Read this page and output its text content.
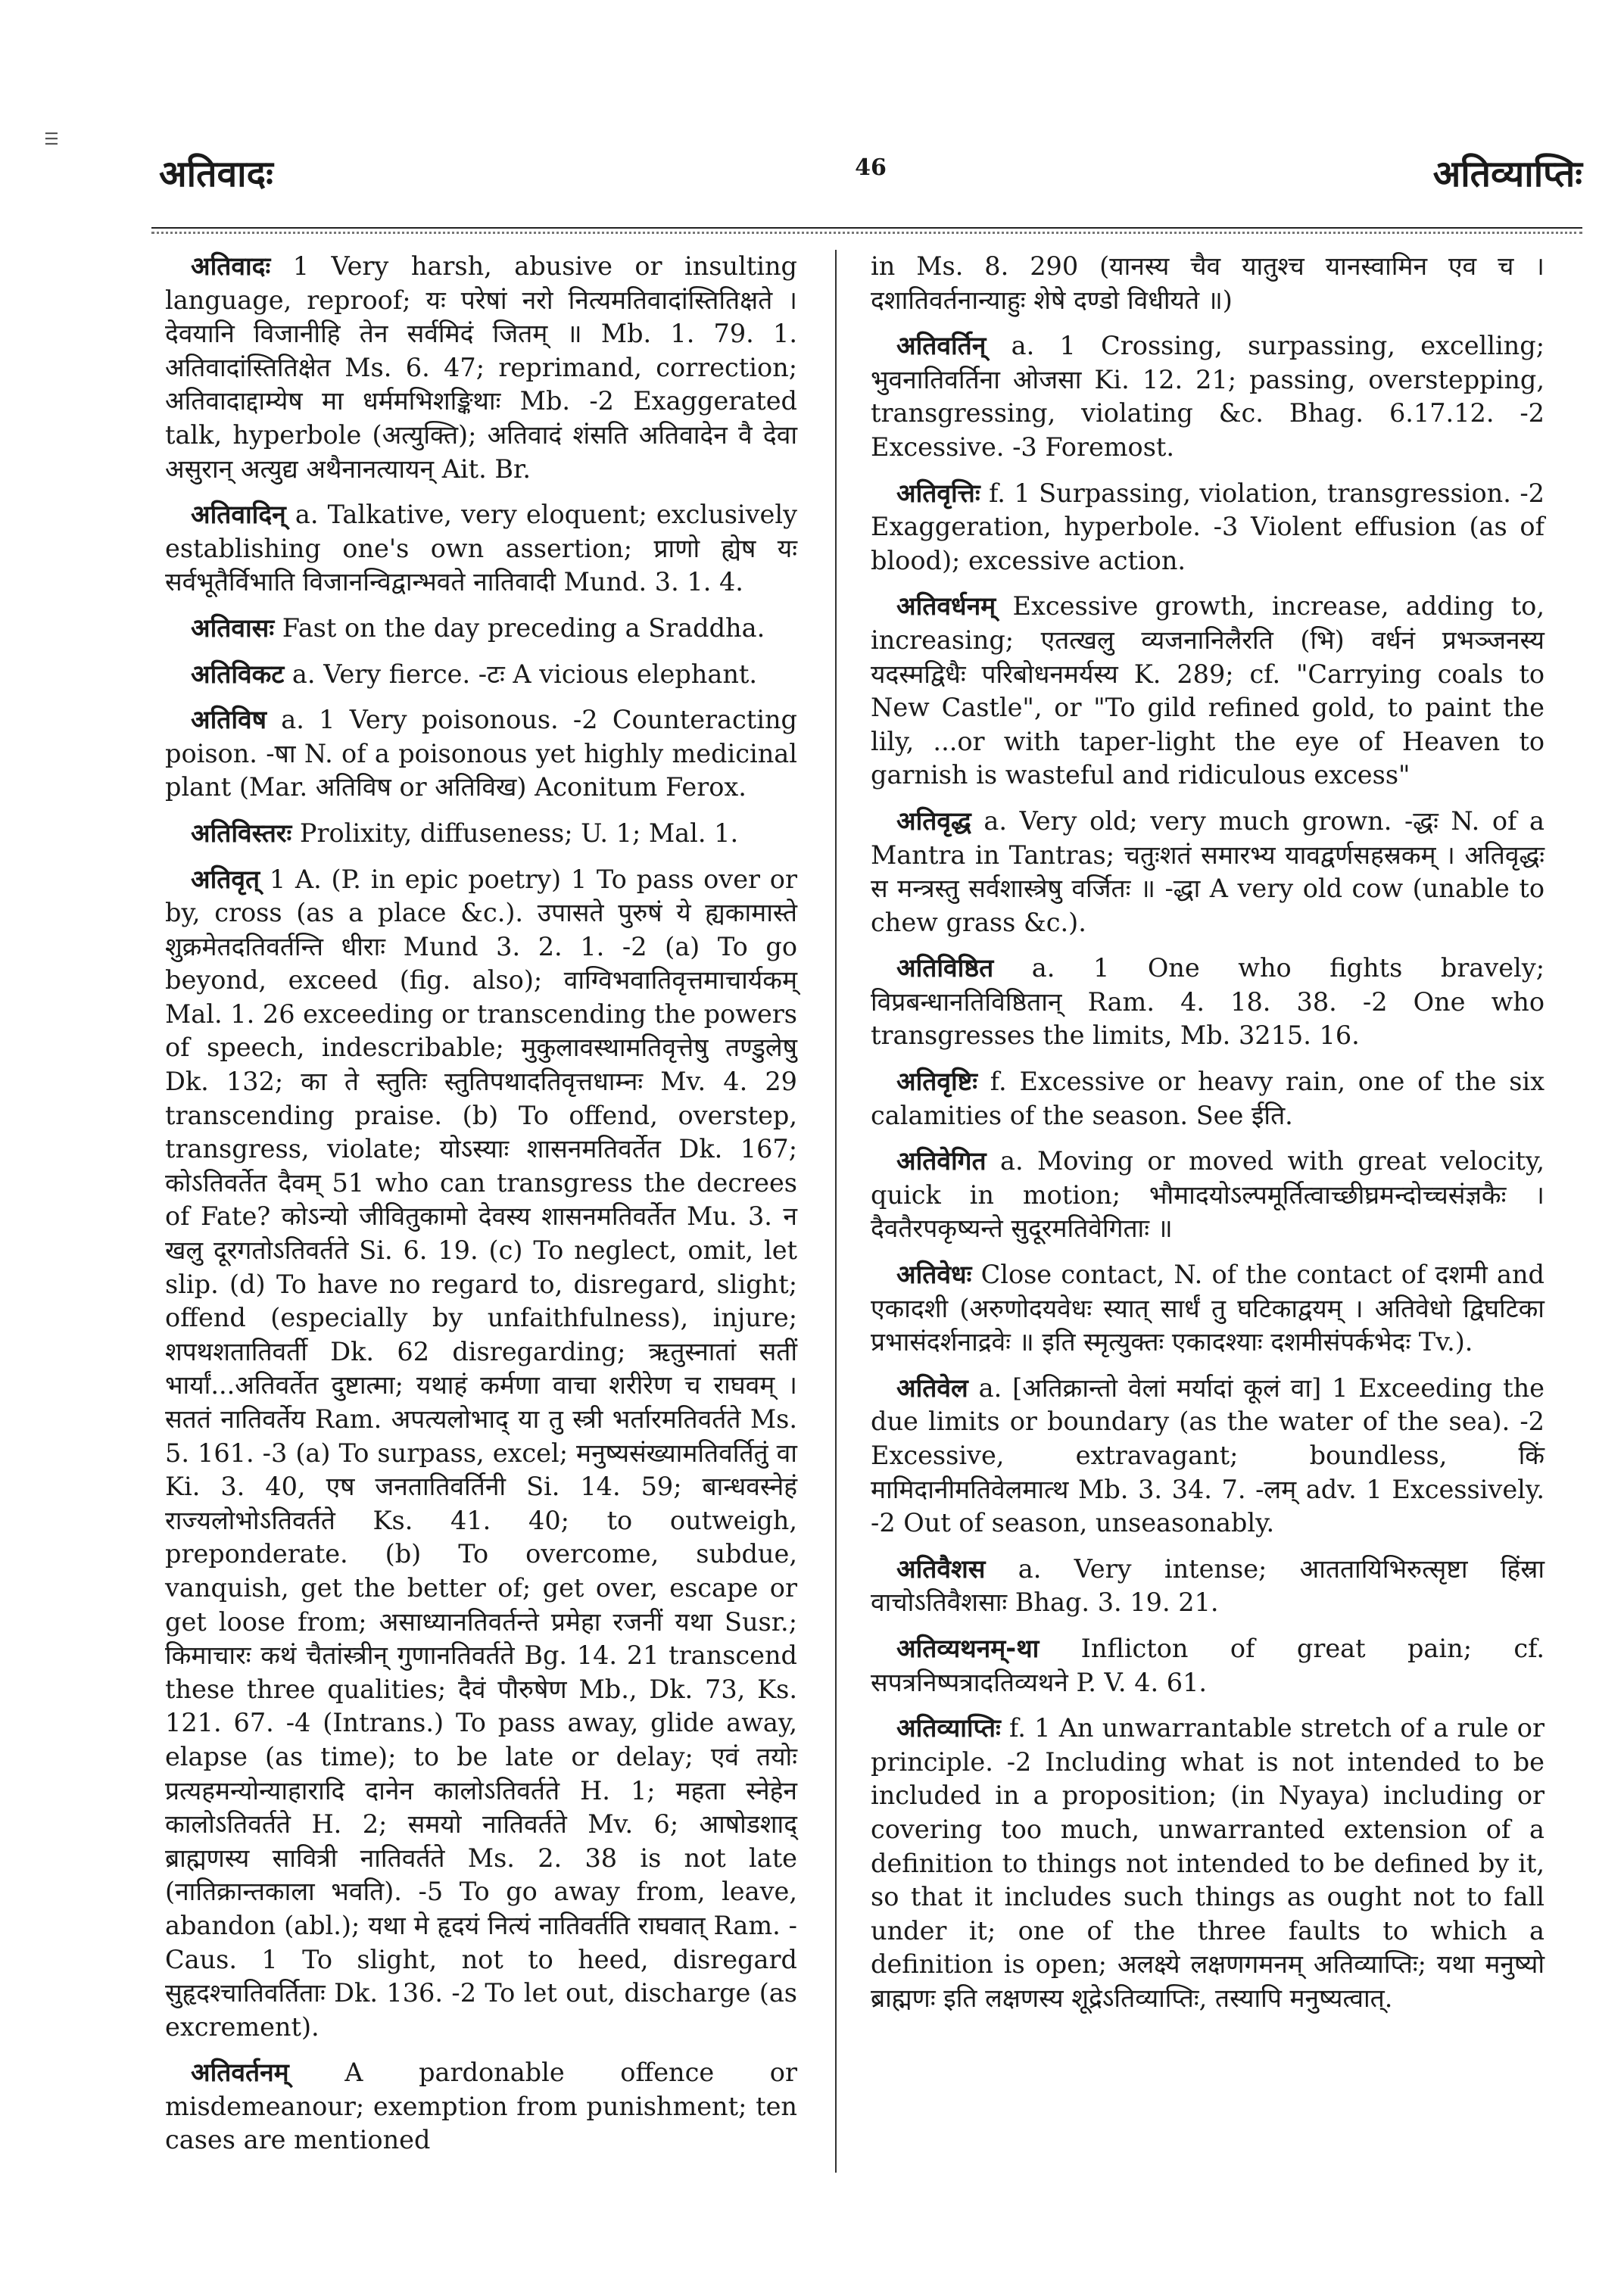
☰
अतिवादः	46	अतिव्याप्तिः

अतिवादः 1 Very harsh, abusive or insulting language, reproof; यः परेषां नरो नित्यमतिवादांस्तितिक्षते । देवयानि विजानीहि तेन सर्वमिदं जितम् ॥ Mb. 1. 79. 1. अतिवादांस्तितिक्षेत Ms. 6. 47; reprimand, correction; अतिवादाद्दाम्येष मा धर्ममभिशङ्किथाः Mb. -2 Exaggerated talk, hyperbole (अत्युक्ति); अतिवादं शंसति अतिवादेन वै देवा असुरान् अत्युद्य अथैनानत्यायन् Ait. Br.

अतिवादिन् a. Talkative, very eloquent; exclusively establishing one's own assertion; प्राणो ह्येष यः सर्वभूतैर्विभाति विजानन्विद्वान्भवते नातिवादी Mund. 3. 1. 4.

अतिवासः Fast on the day preceding a Sraddha.

अतिविकट a. Very fierce. -टः A vicious elephant.

अतिविष a. 1 Very poisonous. -2 Counteracting poison. -षा N. of a poisonous yet highly medicinal plant (Mar. अतिविष or अतिविख) Aconitum Ferox.

अतिविस्तरः Prolixity, diffuseness; U. 1; Mal. 1.

अतिवृत् 1 A. (P. in epic poetry) 1 To pass over or by, cross (as a place &c.). उपासते पुरुषं ये ह्यकामास्ते शुक्रमेतदतिवर्तन्ति धीराः Mund 3. 2. 1. -2 (a) To go beyond, exceed (fig. also); वाग्विभवातिवृत्तमाचार्यकम् Mal. 1. 26 exceeding or transcending the powers of speech, indescribable; मुकुलावस्थामतिवृत्तेषु तण्डुलेषु Dk. 132; का ते स्तुतिः स्तुतिपथादतिवृत्तधाम्नः Mv. 4. 29 transcending praise. (b) To offend, overstep, transgress, violate; योऽस्याः शासनमतिवर्तेत Dk. 167; कोऽतिवर्तेत दैवम् 51 who can transgress the decrees of Fate? कोऽन्यो जीवितुकामो देवस्य शासनमतिवर्तेत Mu. 3. न खलु दूरगतोऽतिवर्तते Si. 6. 19. (c) To neglect, omit, let slip. (d) To have no regard to, disregard, slight; offend (especially by unfaithfulness), injure; शपथशतातिवर्ती Dk. 62 disregarding; ऋतुस्नातां सतीं भार्यां...अतिवर्तेत दुष्टात्मा; यथाहं कर्मणा वाचा शरीरेण च राघवम् । सततं नातिवर्तेय Ram. अपत्यलोभाद् या तु स्त्री भर्तारमतिवर्तते Ms. 5. 161. -3 (a) To surpass, excel; मनुष्यसंख्यामतिवर्तितुं वा Ki. 3. 40, एष जनतातिवर्तिनी Si. 14. 59; बान्धवस्नेहं राज्यलोभोऽतिवर्तते Ks. 41. 40; to outweigh, preponderate. (b) To overcome, subdue, vanquish, get the better of; get over, escape or get loose from; असाध्यानतिवर्तन्ते प्रमेहा रजनीं यथा Susr.; किमाचारः कथं चैतांस्त्रीन् गुणानतिवर्तते Bg. 14. 21 transcend these three qualities; दैवं पौरुषेण Mb., Dk. 73, Ks. 121. 67. -4 (Intrans.) To pass away, glide away, elapse (as time); to be late or delay; एवं तयोः प्रत्यहमन्योन्याहारादि दानेन कालोऽतिवर्तते H. 1; महता स्नेहेन कालोऽतिवर्तते H. 2; समयो नातिवर्तते Mv. 6; आषोडशाद् ब्राह्मणस्य सावित्री नातिवर्तते Ms. 2. 38 is not late (नातिक्रान्तकाला भवति). -5 To go away from, leave, abandon (abl.); यथा मे हृदयं नित्यं नातिवर्तति राघवात् Ram. -Caus. 1 To slight, not to heed, disregard सुहृदश्चातिवर्तिताः Dk. 136. -2 To let out, discharge (as excrement).

अतिवर्तनम् A pardonable offence or misdemeanour; exemption from punishment; ten cases are mentioned

in Ms. 8. 290 (यानस्य चैव यातुश्च यानस्वामिन एव च । दशातिवर्तनान्याहुः शेषे दण्डो विधीयते ॥)

अतिवर्तिन् a. 1 Crossing, surpassing, excelling; भुवनातिवर्तिना ओजसा Ki. 12. 21; passing, overstepping, transgressing, violating &c. Bhag. 6.17.12. -2 Excessive. -3 Foremost.

अतिवृत्तिः f. 1 Surpassing, violation, transgression. -2 Exaggeration, hyperbole. -3 Violent effusion (as of blood); excessive action.

अतिवर्धनम् Excessive growth, increase, adding to, increasing; एतत्खलु व्यजनानिलैरति (भि) वर्धनं प्रभञ्जनस्य यदस्मद्विधैः परिबोधनमर्यस्य K. 289; cf. "Carrying coals to New Castle", or "To gild refined gold, to paint the lily, ...or with taper-light the eye of Heaven to garnish is wasteful and ridiculous excess"

अतिवृद्ध a. Very old; very much grown. -द्धः N. of a Mantra in Tantras; चतुःशतं समारभ्य यावद्वर्णसहस्रकम् । अतिवृद्धः स मन्त्रस्तु सर्वशास्त्रेषु वर्जितः ॥ -द्धा A very old cow (unable to chew grass &c.).

अतिविष्ठित a. 1 One who fights bravely; विप्रबन्धानतिविष्ठितान् Ram. 4. 18. 38. -2 One who transgresses the limits, Mb. 3215. 16.

अतिवृष्टिः f. Excessive or heavy rain, one of the six calamities of the season. See ईति.

अतिवेगित a. Moving or moved with great velocity, quick in motion; भौमादयोऽल्पमूर्तित्वाच्छीघ्रमन्दोच्चसंज्ञकैः । दैवतैरपकृष्यन्ते सुदूरमतिवेगिताः ॥

अतिवेधः Close contact, N. of the contact of दशमी and एकादशी (अरुणोदयवेधः स्यात् सार्धं तु घटिकाद्वयम् । अतिवेधो द्विघटिका प्रभासंदर्शनाद्रवेः ॥ इति स्मृत्युक्तः एकादश्याः दशमीसंपर्कभेदः Tv.).

अतिवेल a. [अतिक्रान्तो वेलां मर्यादां कूलं वा] 1 Exceeding the due limits or boundary (as the water of the sea). -2 Excessive, extravagant; boundless, किं मामिदानीमतिवेलमात्थ Mb. 3. 34. 7. -लम् adv. 1 Excessively. -2 Out of season, unseasonably.

अतिवैशस a. Very intense; आततायिभिरुत्सृष्टा हिंस्रा वाचोऽतिवैशसाः Bhag. 3. 19. 21.

अतिव्यथनम्-था Inflicton of great pain; cf. सपत्रनिष्पत्रादतिव्यथने P. V. 4. 61.

अतिव्याप्तिः f. 1 An unwarrantable stretch of a rule or principle. -2 Including what is not intended to be included in a proposition; (in Nyaya) including or covering too much, unwarranted extension of a definition to things not intended to be defined by it, so that it includes such things as ought not to fall under it; one of the three faults to which a definition is open; अलक्ष्ये लक्षणगमनम् अतिव्याप्तिः; यथा मनुष्यो ब्राह्मणः इति लक्षणस्य शूद्रेऽतिव्याप्तिः, तस्यापि मनुष्यत्वात्.
